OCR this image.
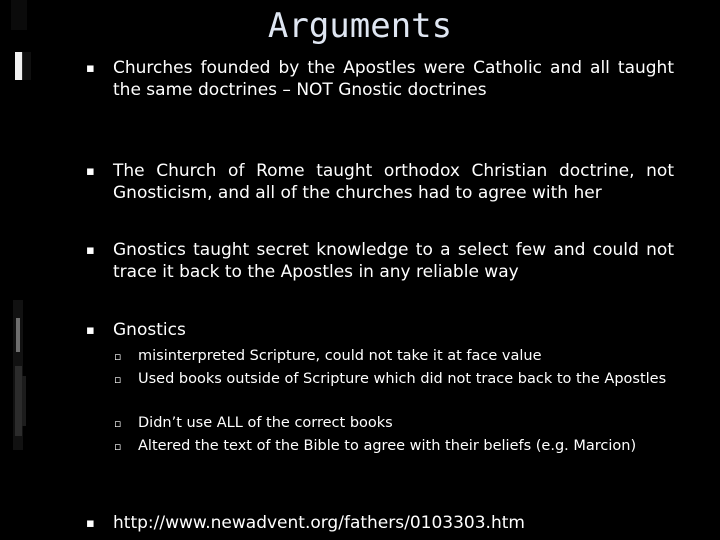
Arguments
▪	Churches founded by the Apostles were Catholic and all taught the same doctrines – NOT Gnostic doctrines
▪	The Church of Rome taught orthodox Christian doctrine, not Gnosticism, and all of the churches had to agree with her
▪	Gnostics taught secret knowledge to a select few and could not trace it back to the Apostles in any reliable way
▪	Gnostics
▫	misinterpreted Scripture, could not take it at face value
▫	Used books outside of Scripture which did not trace back to the Apostles
▫	Didn’t use ALL of the correct books
▫	Altered the text of the Bible to agree with their beliefs (e.g. Marcion)
▪	http://www.newadvent.org/fathers/0103303.htm
